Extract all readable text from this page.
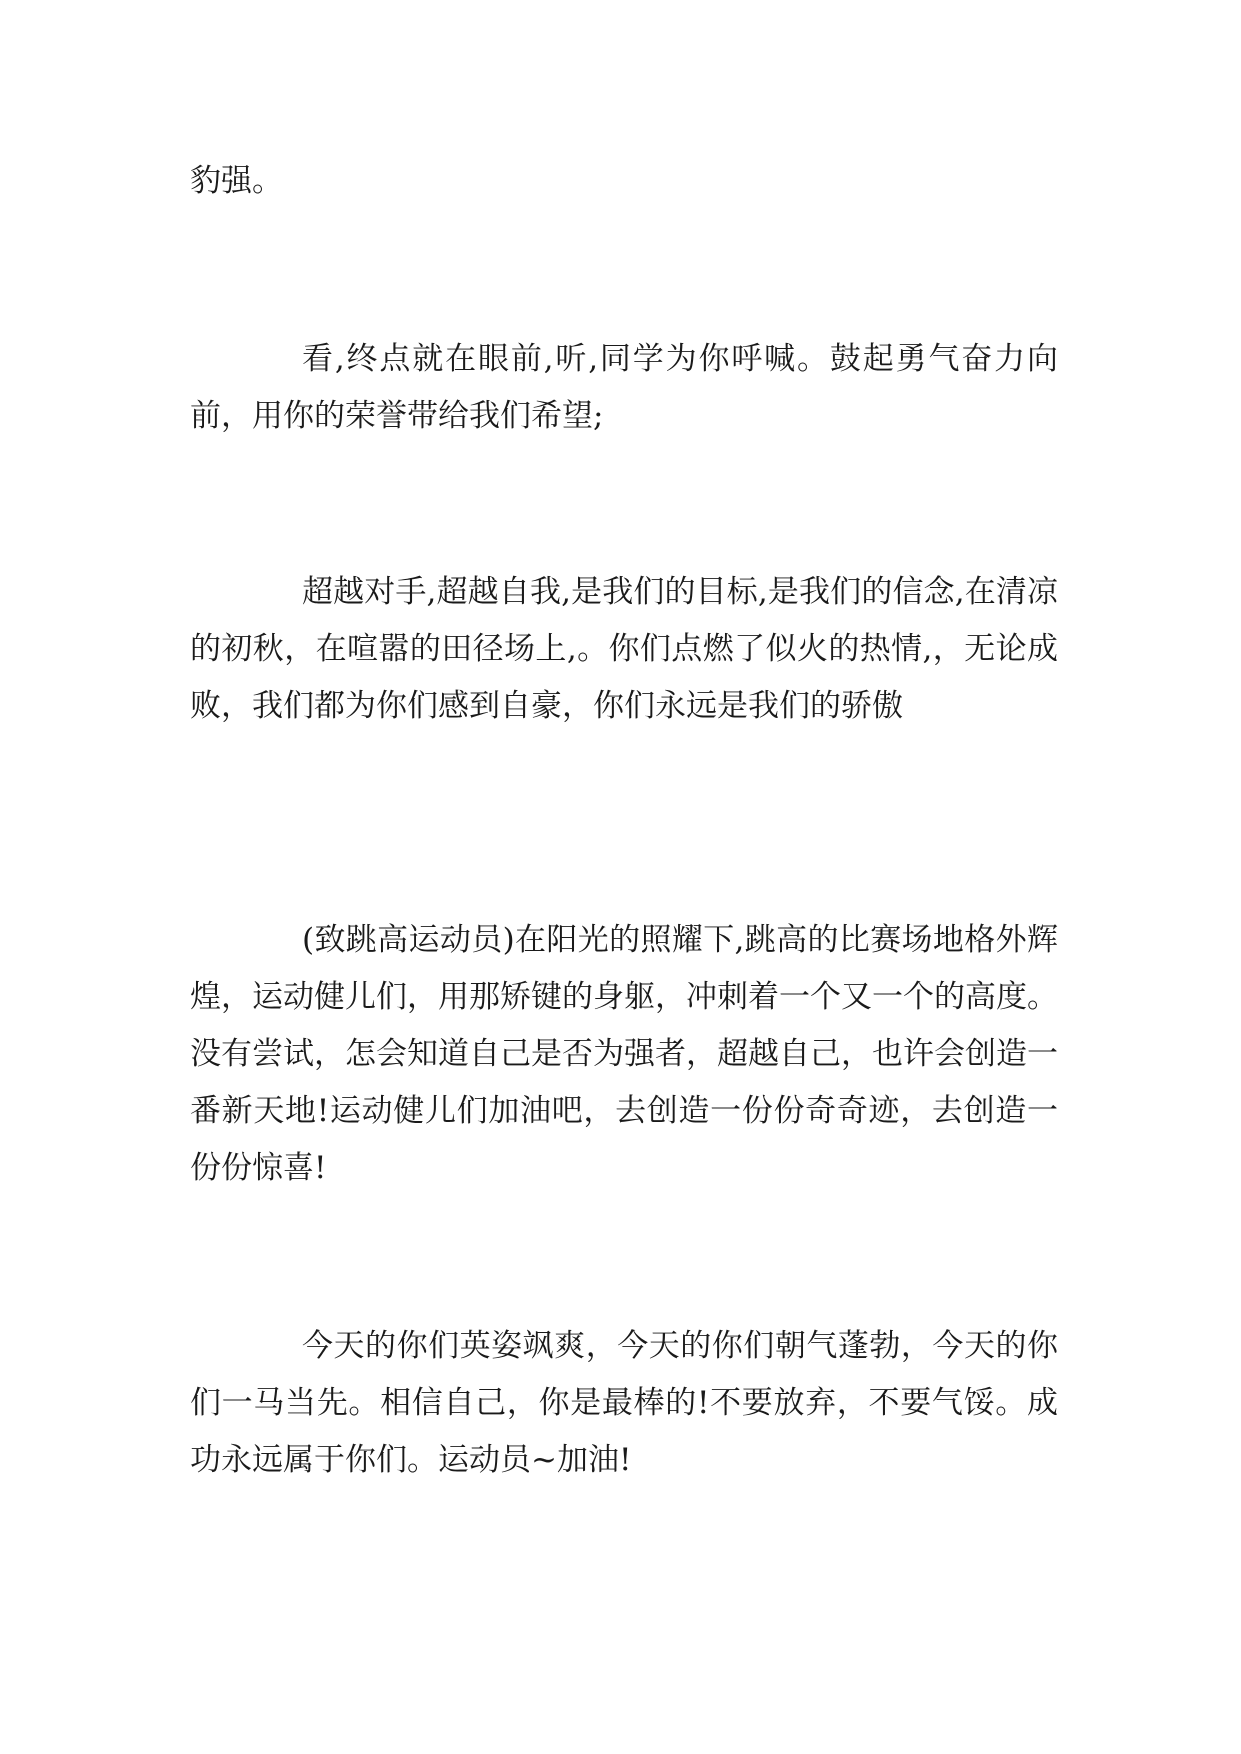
豹强。

看,终点就在眼前,听,同学为你呼喊。鼓起勇气奋力向前，用你的荣誉带给我们希望;

超越对手,超越自我,是我们的目标,是我们的信念,在清凉的初秋，在喧嚣的田径场上,。你们点燃了似火的热情,，无论成败，我们都为你们感到自豪，你们永远是我们的骄傲

(致跳高运动员)在阳光的照耀下,跳高的比赛场地格外辉煌，运动健儿们，用那矫键的身躯，冲刺着一个又一个的高度。没有尝试，怎会知道自己是否为强者，超越自己，也许会创造一番新天地!运动健儿们加油吧，去创造一份份奇奇迹，去创造一份份惊喜!

今天的你们英姿飒爽，今天的你们朝气蓬勃，今天的你们一马当先。相信自己，你是最棒的!不要放弃，不要气馁。成功永远属于你们。运动员~加油!
